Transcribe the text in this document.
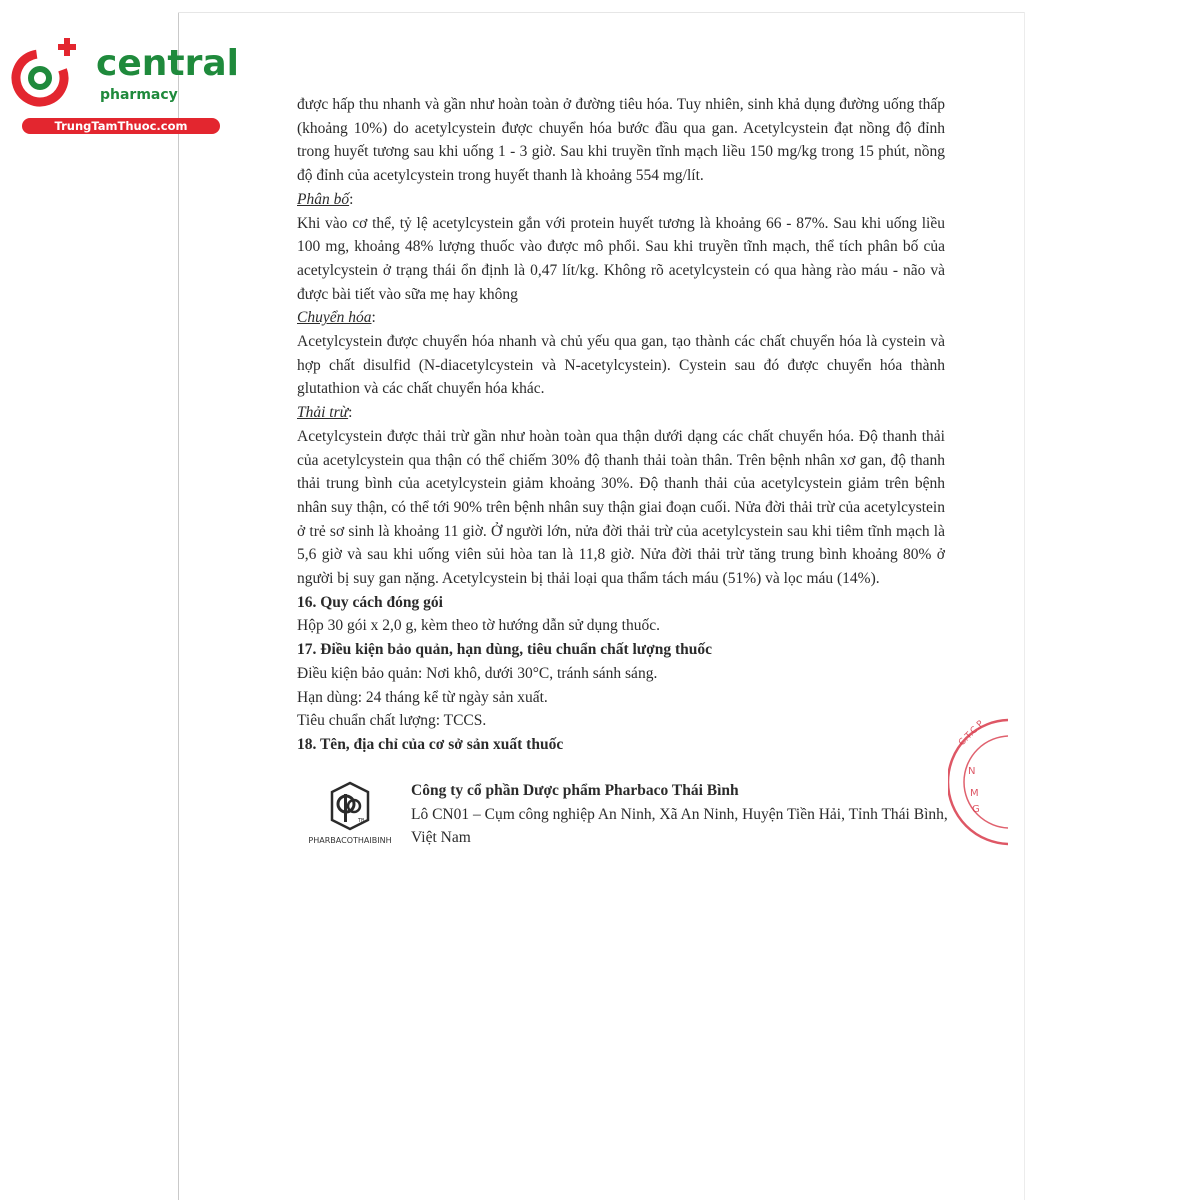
central
pharmacy
TrungTamThuoc.com

được hấp thu nhanh và gần như hoàn toàn ở đường tiêu hóa. Tuy nhiên, sinh khả dụng đường uống thấp (khoảng 10%) do acetylcystein được chuyển hóa bước đầu qua gan. Acetylcystein đạt nồng độ đỉnh trong huyết tương sau khi uống 1 - 3 giờ. Sau khi truyền tĩnh mạch liều 150 mg/kg trong 15 phút, nồng độ đỉnh của acetylcystein trong huyết thanh là khoảng 554 mg/lít.

Phân bố:

Khi vào cơ thể, tỷ lệ acetylcystein gắn với protein huyết tương là khoảng 66 - 87%. Sau khi uống liều 100 mg, khoảng 48% lượng thuốc vào được mô phổi. Sau khi truyền tĩnh mạch, thể tích phân bố của acetylcystein ở trạng thái ổn định là 0,47 lít/kg. Không rõ acetylcystein có qua hàng rào máu - não và được bài tiết vào sữa mẹ hay không

Chuyển hóa:

Acetylcystein được chuyển hóa nhanh và chủ yếu qua gan, tạo thành các chất chuyển hóa là cystein và hợp chất disulfid (N-diacetylcystein và N-acetylcystein). Cystein sau đó được chuyển hóa thành glutathion và các chất chuyển hóa khác.

Thải trừ:

Acetylcystein được thải trừ gần như hoàn toàn qua thận dưới dạng các chất chuyển hóa. Độ thanh thải của acetylcystein qua thận có thể chiếm 30% độ thanh thải toàn thân. Trên bệnh nhân xơ gan, độ thanh thải trung bình của acetylcystein giảm khoảng 30%. Độ thanh thải của acetylcystein giảm trên bệnh nhân suy thận, có thể tới 90% trên bệnh nhân suy thận giai đoạn cuối. Nửa đời thải trừ của acetylcystein ở trẻ sơ sinh là khoảng 11 giờ. Ở người lớn, nửa đời thải trừ của acetylcystein sau khi tiêm tĩnh mạch là 5,6 giờ và sau khi uống viên sủi hòa tan là 11,8 giờ. Nửa đời thải trừ tăng trung bình khoảng 80% ở người bị suy gan nặng. Acetylcystein bị thải loại qua thẩm tách máu (51%) và lọc máu (14%).

16. Quy cách đóng gói

Hộp 30 gói x 2,0 g, kèm theo tờ hướng dẫn sử dụng thuốc.

17. Điều kiện bảo quản, hạn dùng, tiêu chuẩn chất lượng thuốc

Điều kiện bảo quản: Nơi khô, dưới 30°C, tránh sánh sáng.

Hạn dùng: 24 tháng kể từ ngày sản xuất.

Tiêu chuẩn chất lượng: TCCS.

18. Tên, địa chỉ của cơ sở sản xuất thuốc

TB
PHARBACOTHAIBINH

Công ty cổ phần Dược phẩm Pharbaco Thái Bình

Lô CN01 – Cụm công nghiệp An Ninh, Xã An Ninh, Huyện Tiền Hải, Tỉnh Thái Bình,

Việt Nam

C.T.C.P
N
M
G
